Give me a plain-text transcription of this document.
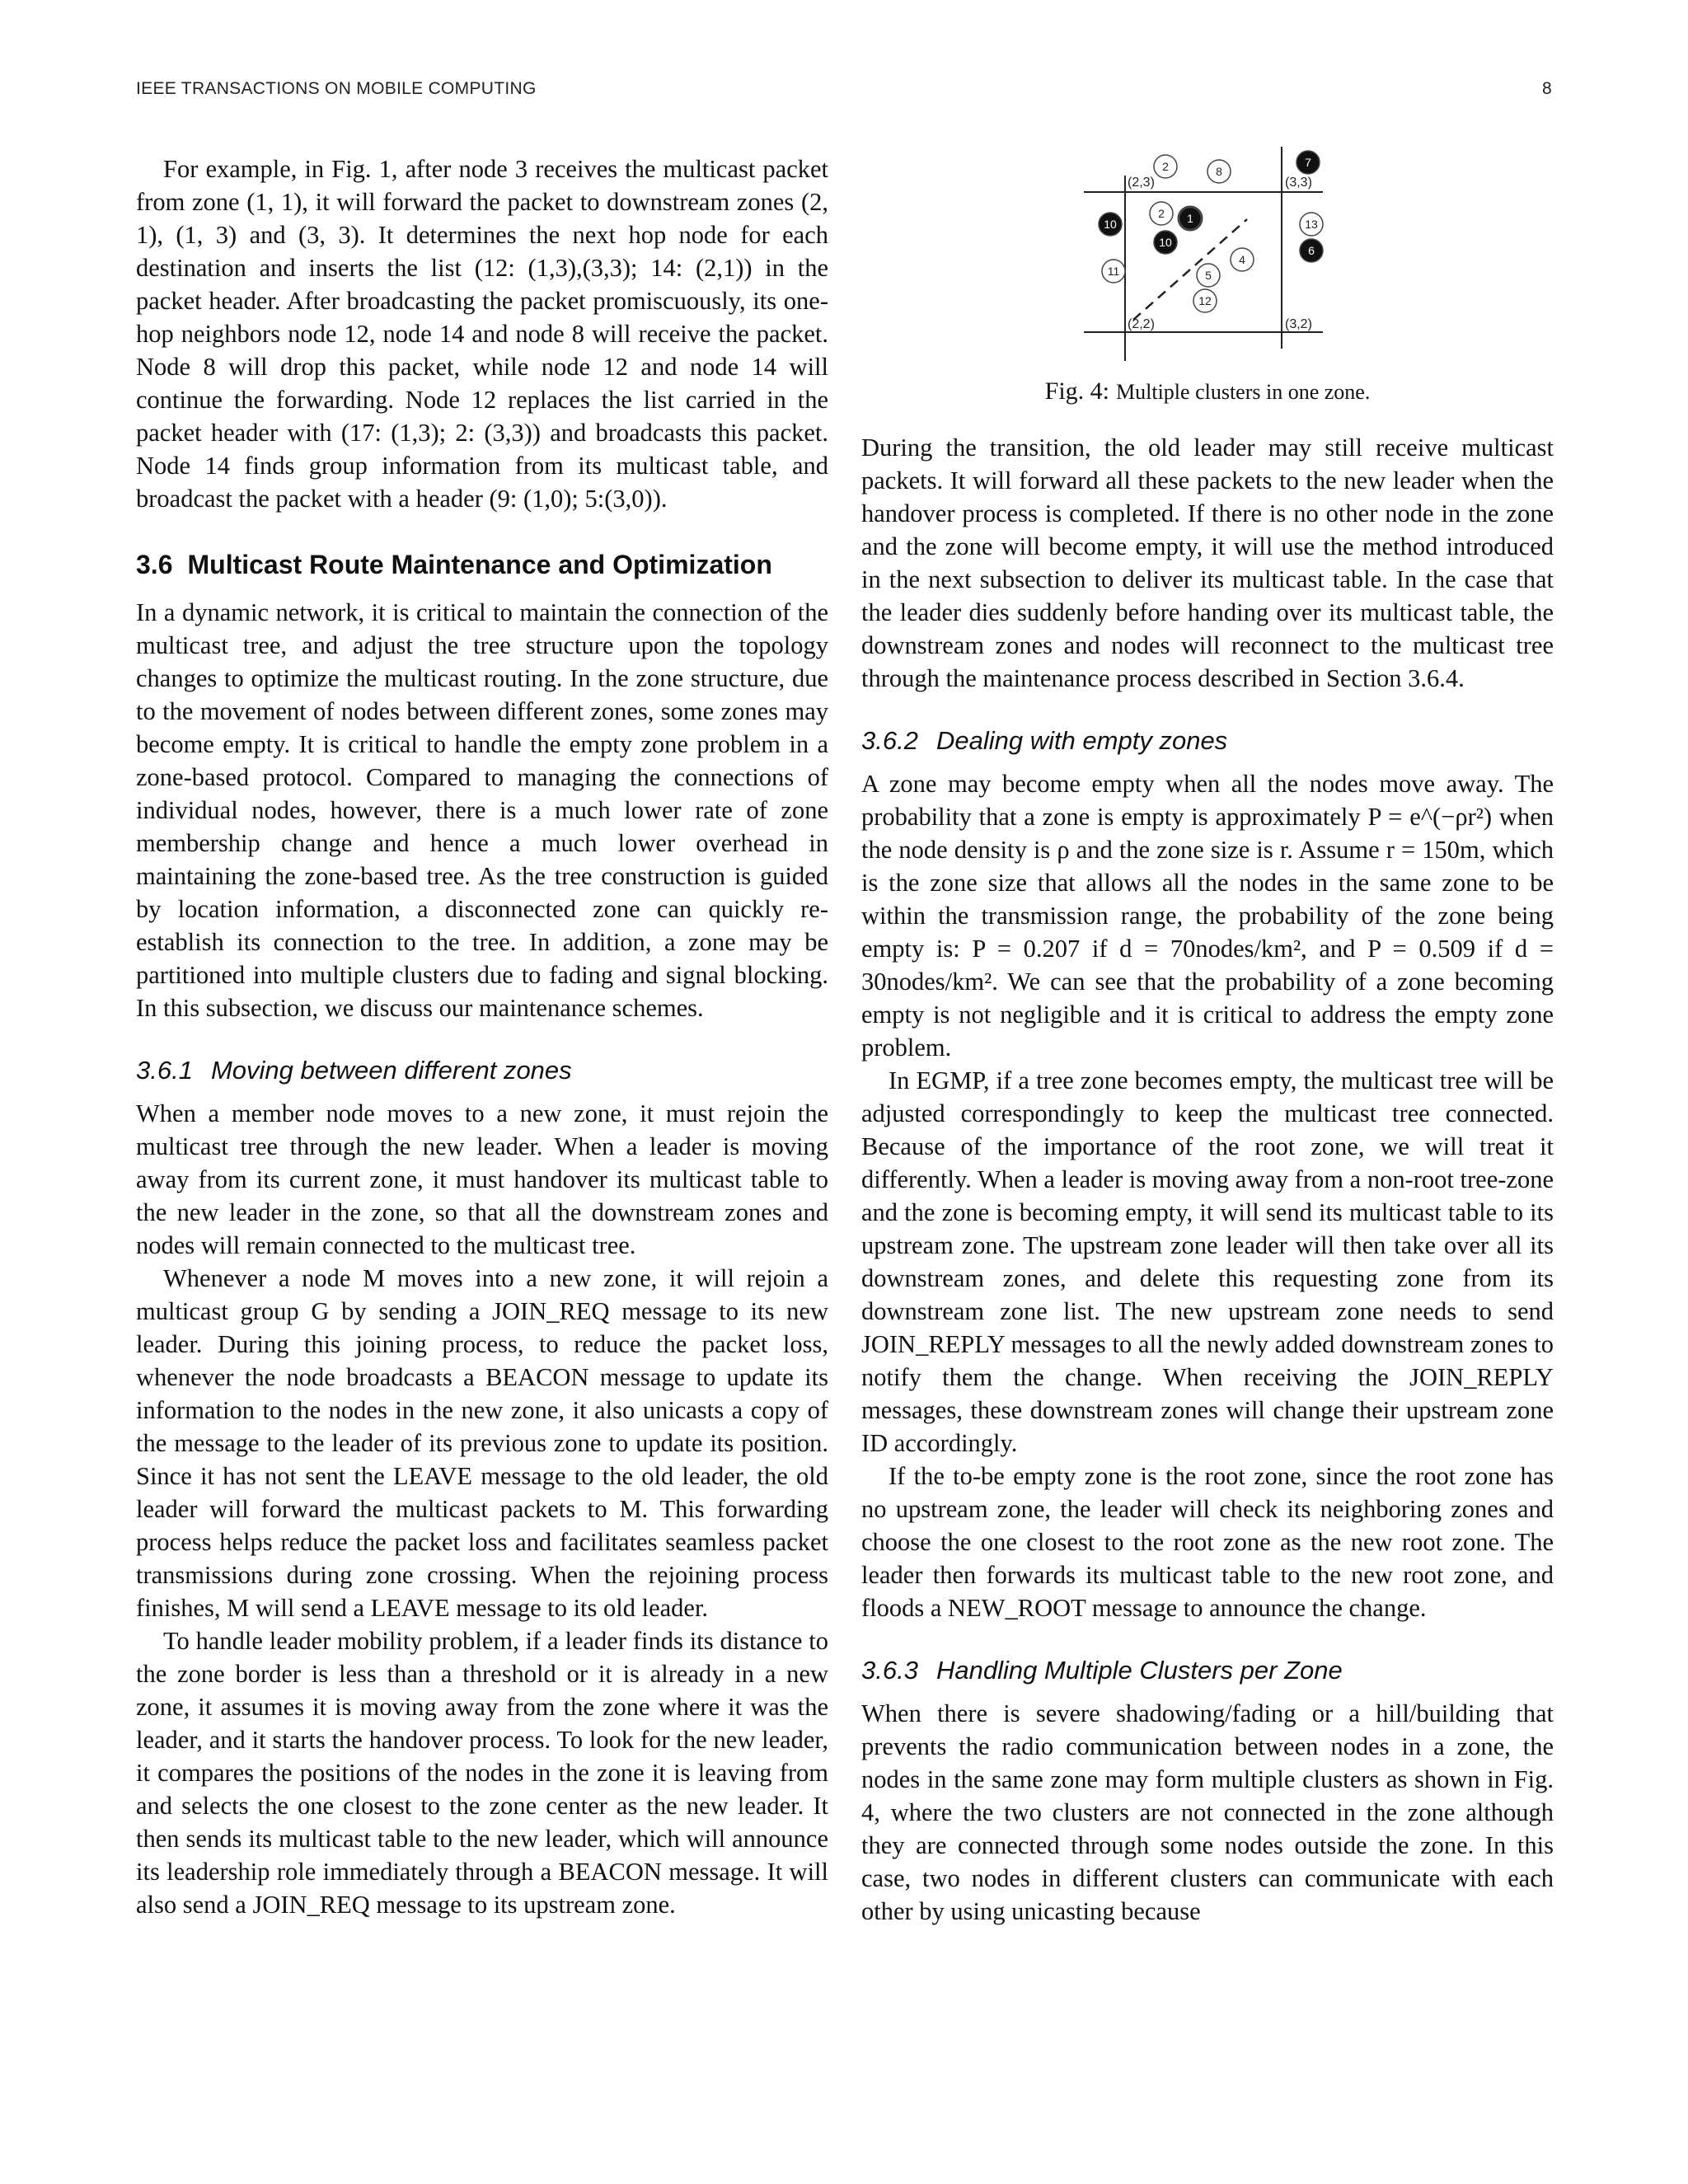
IEEE TRANSACTIONS ON MOBILE COMPUTING	8

For example, in Fig. 1, after node 3 receives the multicast packet from zone (1, 1), it will forward the packet to downstream zones (2, 1), (1, 3) and (3, 3). It determines the next hop node for each destination and inserts the list (12: (1,3),(3,3); 14: (2,1)) in the packet header. After broadcasting the packet promiscuously, its one-hop neighbors node 12, node 14 and node 8 will receive the packet. Node 8 will drop this packet, while node 12 and node 14 will continue the forwarding. Node 12 replaces the list carried in the packet header with (17: (1,3); 2: (3,3)) and broadcasts this packet. Node 14 finds group information from its multicast table, and broadcast the packet with a header (9: (1,0); 5:(3,0)).

3.6 Multicast Route Maintenance and Optimization

In a dynamic network, it is critical to maintain the connection of the multicast tree, and adjust the tree structure upon the topology changes to optimize the multicast routing. In the zone structure, due to the movement of nodes between different zones, some zones may become empty. It is critical to handle the empty zone problem in a zone-based protocol. Compared to managing the connections of individual nodes, however, there is a much lower rate of zone membership change and hence a much lower overhead in maintaining the zone-based tree. As the tree construction is guided by location information, a disconnected zone can quickly re-establish its connection to the tree. In addition, a zone may be partitioned into multiple clusters due to fading and signal blocking. In this subsection, we discuss our maintenance schemes.

3.6.1 Moving between different zones

When a member node moves to a new zone, it must rejoin the multicast tree through the new leader. When a leader is moving away from its current zone, it must handover its multicast table to the new leader in the zone, so that all the downstream zones and nodes will remain connected to the multicast tree.

Whenever a node M moves into a new zone, it will rejoin a multicast group G by sending a JOIN_REQ message to its new leader. During this joining process, to reduce the packet loss, whenever the node broadcasts a BEACON message to update its information to the nodes in the new zone, it also unicasts a copy of the message to the leader of its previous zone to update its position. Since it has not sent the LEAVE message to the old leader, the old leader will forward the multicast packets to M. This forwarding process helps reduce the packet loss and facilitates seamless packet transmissions during zone crossing. When the rejoining process finishes, M will send a LEAVE message to its old leader.

To handle leader mobility problem, if a leader finds its distance to the zone border is less than a threshold or it is already in a new zone, it assumes it is moving away from the zone where it was the leader, and it starts the handover process. To look for the new leader, it compares the positions of the nodes in the zone it is leaving from and selects the one closest to the zone center as the new leader. It then sends its multicast table to the new leader, which will announce its leadership role immediately through a BEACON message. It will also send a JOIN_REQ message to its upstream zone.

(2,3)	(3,3)
(2,2)	(3,2)
2	8
7
2 1
10
10
13
6
4
5
11
12
Fig. 4: Multiple clusters in one zone.

During the transition, the old leader may still receive multicast packets. It will forward all these packets to the new leader when the handover process is completed. If there is no other node in the zone and the zone will become empty, it will use the method introduced in the next subsection to deliver its multicast table. In the case that the leader dies suddenly before handing over its multicast table, the downstream zones and nodes will reconnect to the multicast tree through the maintenance process described in Section 3.6.4.

3.6.2 Dealing with empty zones

A zone may become empty when all the nodes move away. The probability that a zone is empty is approximately P = e^(−ρr²) when the node density is ρ and the zone size is r. Assume r = 150m, which is the zone size that allows all the nodes in the same zone to be within the transmission range, the probability of the zone being empty is: P = 0.207 if d = 70nodes/km², and P = 0.509 if d = 30nodes/km². We can see that the probability of a zone becoming empty is not negligible and it is critical to address the empty zone problem.

In EGMP, if a tree zone becomes empty, the multicast tree will be adjusted correspondingly to keep the multicast tree connected. Because of the importance of the root zone, we will treat it differently. When a leader is moving away from a non-root tree-zone and the zone is becoming empty, it will send its multicast table to its upstream zone. The upstream zone leader will then take over all its downstream zones, and delete this requesting zone from its downstream zone list. The new upstream zone needs to send JOIN_REPLY messages to all the newly added downstream zones to notify them the change. When receiving the JOIN_REPLY messages, these downstream zones will change their upstream zone ID accordingly.

If the to-be empty zone is the root zone, since the root zone has no upstream zone, the leader will check its neighboring zones and choose the one closest to the root zone as the new root zone. The leader then forwards its multicast table to the new root zone, and floods a NEW_ROOT message to announce the change.

3.6.3 Handling Multiple Clusters per Zone

When there is severe shadowing/fading or a hill/building that prevents the radio communication between nodes in a zone, the nodes in the same zone may form multiple clusters as shown in Fig. 4, where the two clusters are not connected in the zone although they are connected through some nodes outside the zone. In this case, two nodes in different clusters can communicate with each other by using unicasting because
